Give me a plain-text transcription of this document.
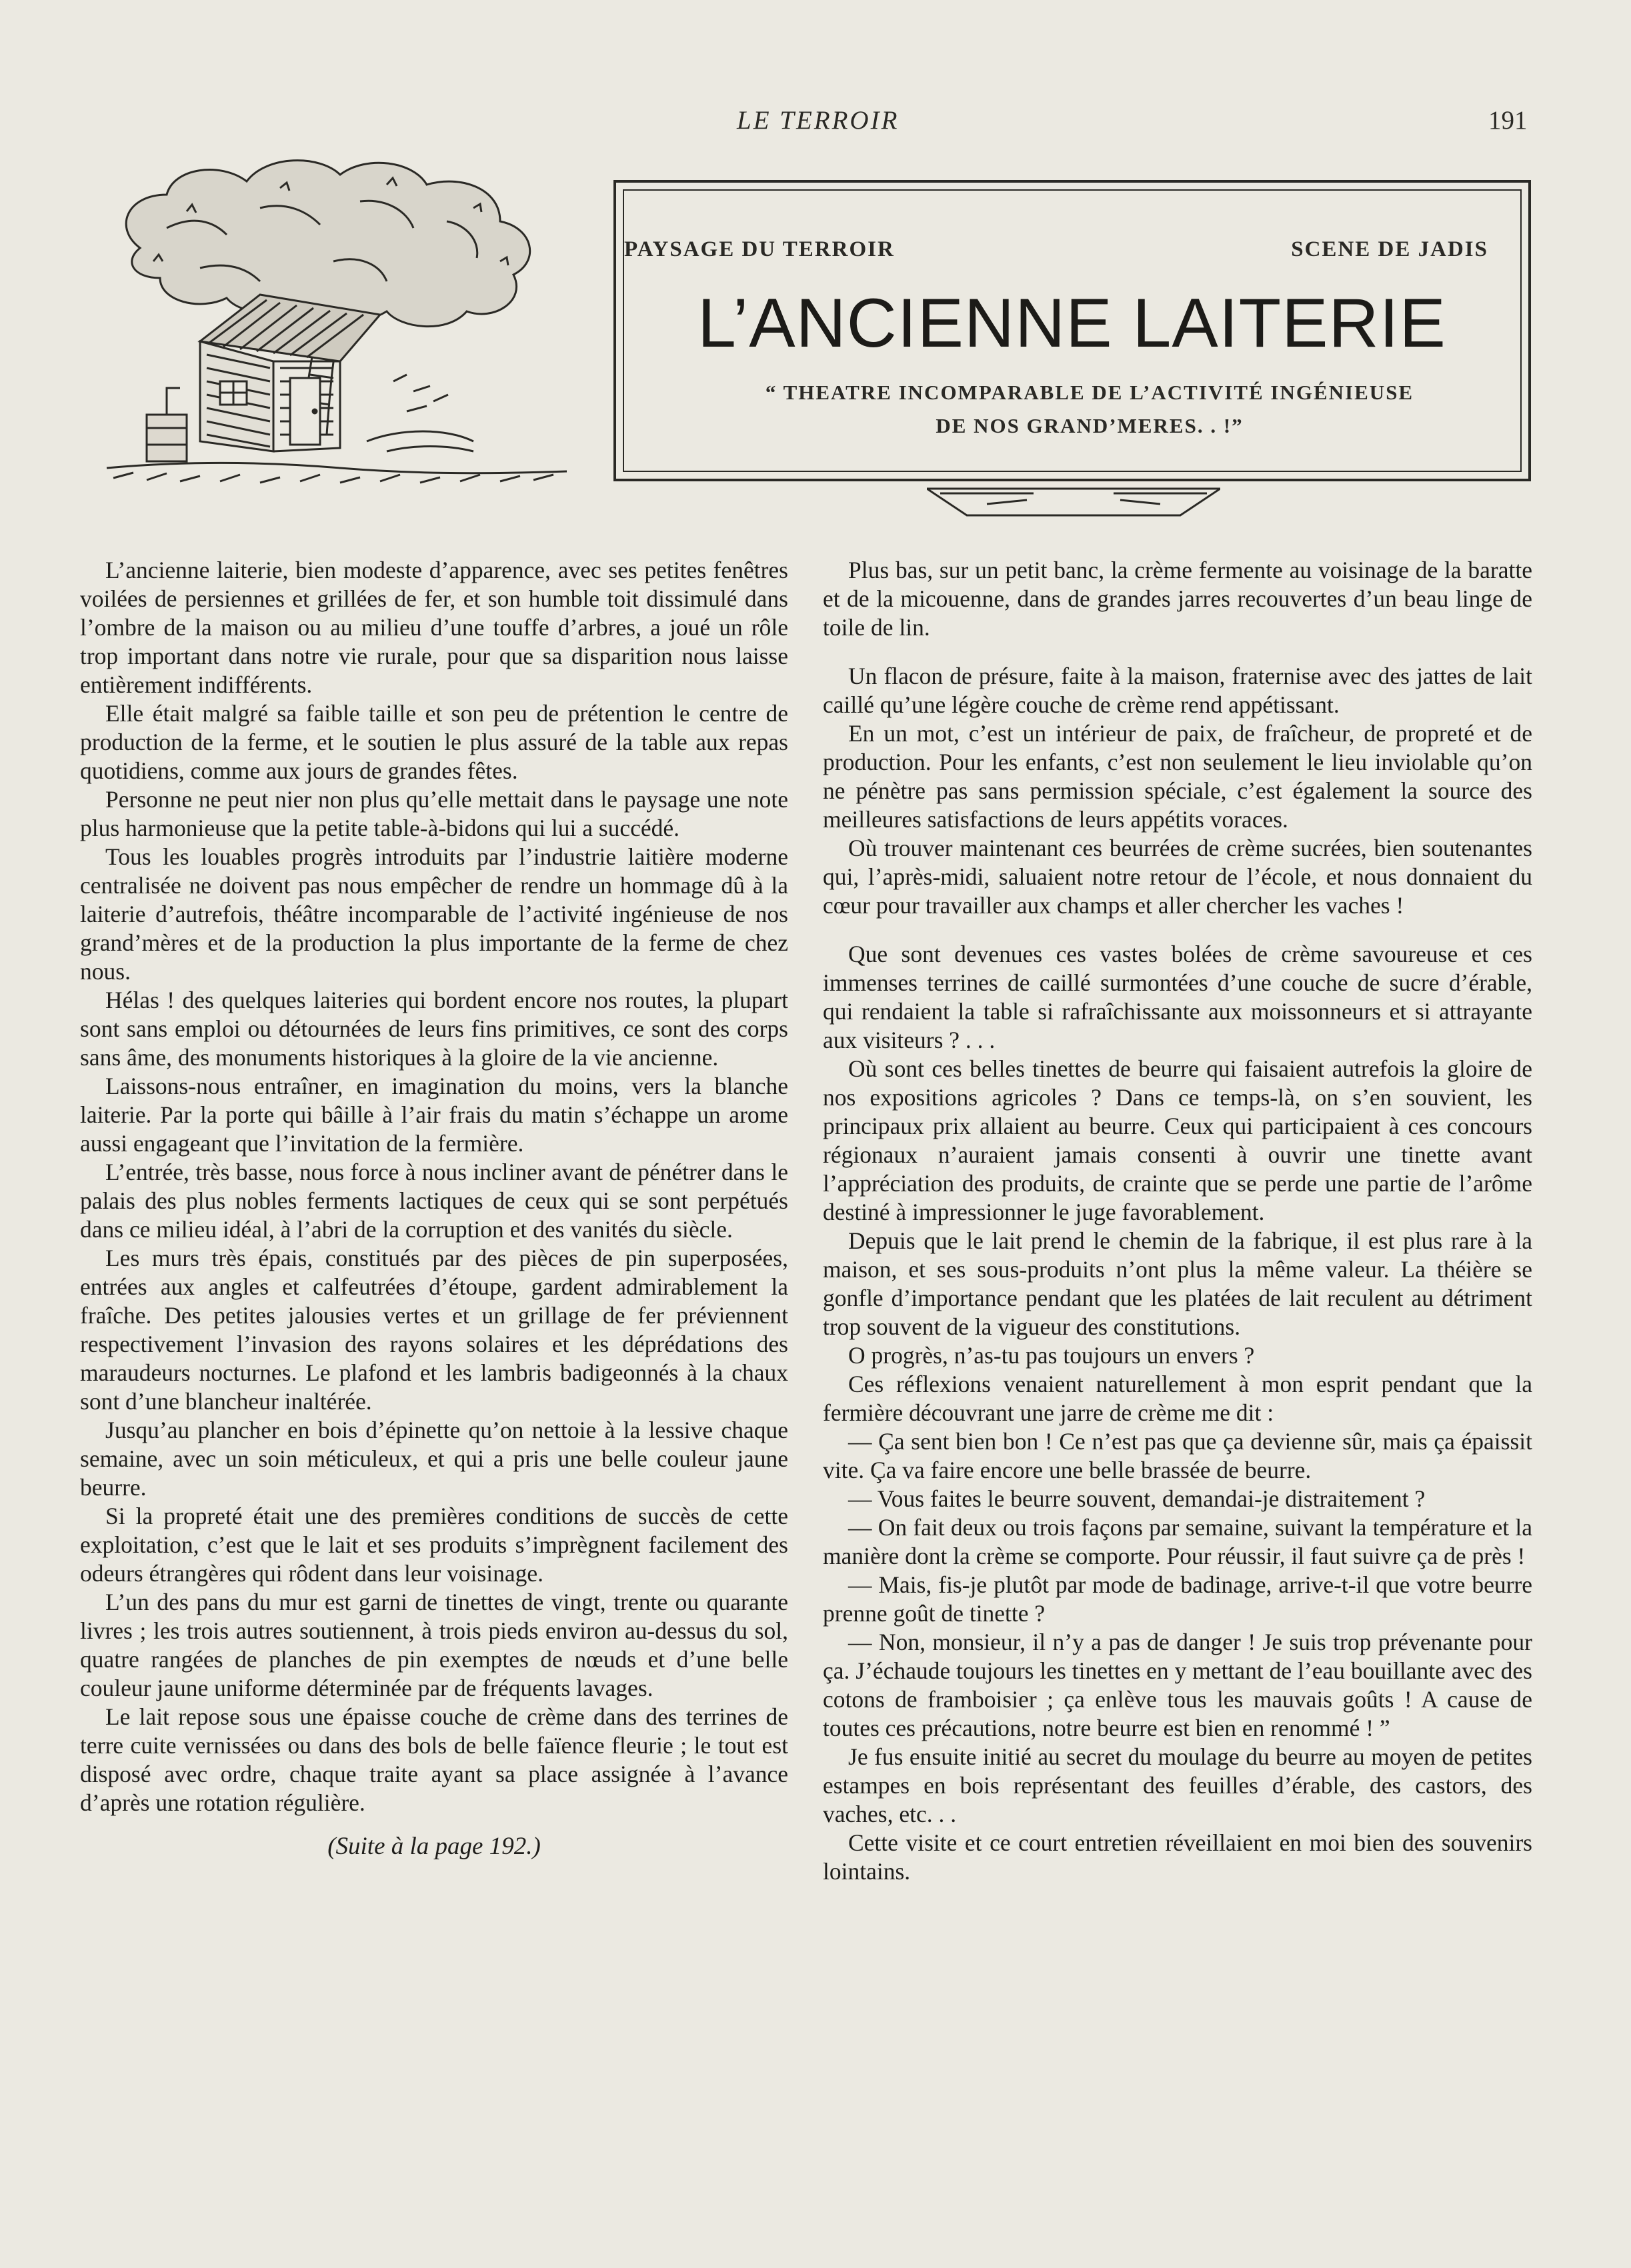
LE TERROIR	191
PAYSAGE DU TERROIR	SCENE DE JADIS
L’ANCIENNE LAITERIE
“ THEATRE INCOMPARABLE DE L’ACTIVITÉ INGÉNIEUSE
DE NOS GRAND’MERES. . !”

L’ancienne laiterie, bien modeste d’apparence, avec ses petites fenêtres voilées de persiennes et grillées de fer, et son humble toit dissimulé dans l’ombre de la maison ou au milieu d’une touffe d’arbres, a joué un rôle trop important dans notre vie rurale, pour que sa disparition nous laisse entièrement indifférents.

Elle était malgré sa faible taille et son peu de prétention le centre de production de la ferme, et le soutien le plus assuré de la table aux repas quotidiens, comme aux jours de grandes fêtes.

Personne ne peut nier non plus qu’elle mettait dans le paysage une note plus harmonieuse que la petite table-à-bidons qui lui a succédé.

Tous les louables progrès introduits par l’industrie laitière moderne centralisée ne doivent pas nous empêcher de rendre un hommage dû à la laiterie d’autrefois, théâtre incomparable de l’activité ingénieuse de nos grand’mères et de la production la plus importante de la ferme de chez nous.

Hélas ! des quelques laiteries qui bordent encore nos routes, la plupart sont sans emploi ou détournées de leurs fins primitives, ce sont des corps sans âme, des monuments historiques à la gloire de la vie ancienne.

Laissons-nous entraîner, en imagination du moins, vers la blanche laiterie. Par la porte qui bâille à l’air frais du matin s’échappe un arome aussi engageant que l’invitation de la fermière.

L’entrée, très basse, nous force à nous incliner avant de pénétrer dans le palais des plus nobles ferments lactiques de ceux qui se sont perpétués dans ce milieu idéal, à l’abri de la corruption et des vanités du siècle.

Les murs très épais, constitués par des pièces de pin superposées, entrées aux angles et calfeutrées d’étoupe, gardent admirablement la fraîche. Des petites jalousies vertes et un grillage de fer préviennent respectivement l’invasion des rayons solaires et les déprédations des maraudeurs nocturnes. Le plafond et les lambris badigeonnés à la chaux sont d’une blancheur inaltérée.

Jusqu’au plancher en bois d’épinette qu’on nettoie à la lessive chaque semaine, avec un soin méticuleux, et qui a pris une belle couleur jaune beurre.

Si la propreté était une des premières conditions de succès de cette exploitation, c’est que le lait et ses produits s’imprègnent facilement des odeurs étrangères qui rôdent dans leur voisinage.

L’un des pans du mur est garni de tinettes de vingt, trente ou quarante livres ; les trois autres soutiennent, à trois pieds environ au-dessus du sol, quatre rangées de planches de pin exemptes de nœuds et d’une belle couleur jaune uniforme déterminée par de fréquents lavages.

Le lait repose sous une épaisse couche de crème dans des terrines de terre cuite vernissées ou dans des bols de belle faïence fleurie ; le tout est disposé avec ordre, chaque traite ayant sa place assignée à l’avance d’après une rotation régulière.

(Suite à la page 192.)

Plus bas, sur un petit banc, la crème fermente au voisinage de la baratte et de la micouenne, dans de grandes jarres recouvertes d’un beau linge de toile de lin.

Un flacon de présure, faite à la maison, fraternise avec des jattes de lait caillé qu’une légère couche de crème rend appétissant.

En un mot, c’est un intérieur de paix, de fraîcheur, de propreté et de production. Pour les enfants, c’est non seulement le lieu inviolable qu’on ne pénètre pas sans permission spéciale, c’est également la source des meilleures satisfactions de leurs appétits voraces.

Où trouver maintenant ces beurrées de crème sucrées, bien soutenantes qui, l’après-midi, saluaient notre retour de l’école, et nous donnaient du cœur pour travailler aux champs et aller chercher les vaches !

Que sont devenues ces vastes bolées de crème savoureuse et ces immenses terrines de caillé surmontées d’une couche de sucre d’érable, qui rendaient la table si rafraîchissante aux moissonneurs et si attrayante aux visiteurs ? . . .

Où sont ces belles tinettes de beurre qui faisaient autrefois la gloire de nos expositions agricoles ? Dans ce temps-là, on s’en souvient, les principaux prix allaient au beurre. Ceux qui participaient à ces concours régionaux n’auraient jamais consenti à ouvrir une tinette avant l’appréciation des produits, de crainte que se perde une partie de l’arôme destiné à impressionner le juge favorablement.

Depuis que le lait prend le chemin de la fabrique, il est plus rare à la maison, et ses sous-produits n’ont plus la même valeur. La théière se gonfle d’importance pendant que les platées de lait reculent au détriment trop souvent de la vigueur des constitutions.

O progrès, n’as-tu pas toujours un envers ?

Ces réflexions venaient naturellement à mon esprit pendant que la fermière découvrant une jarre de crème me dit :

— Ça sent bien bon ! Ce n’est pas que ça devienne sûr, mais ça épaissit vite. Ça va faire encore une belle brassée de beurre.

— Vous faites le beurre souvent, demandai-je distraitement ?

— On fait deux ou trois façons par semaine, suivant la température et la manière dont la crème se comporte. Pour réussir, il faut suivre ça de près !

— Mais, fis-je plutôt par mode de badinage, arrive-t-il que votre beurre prenne goût de tinette ?

— Non, monsieur, il n’y a pas de danger ! Je suis trop prévenante pour ça. J’échaude toujours les tinettes en y mettant de l’eau bouillante avec des cotons de framboisier ; ça enlève tous les mauvais goûts ! A cause de toutes ces précautions, notre beurre est bien en renommé ! ”

Je fus ensuite initié au secret du moulage du beurre au moyen de petites estampes en bois représentant des feuilles d’érable, des castors, des vaches, etc. . .

Cette visite et ce court entretien réveillaient en moi bien des souvenirs lointains.
